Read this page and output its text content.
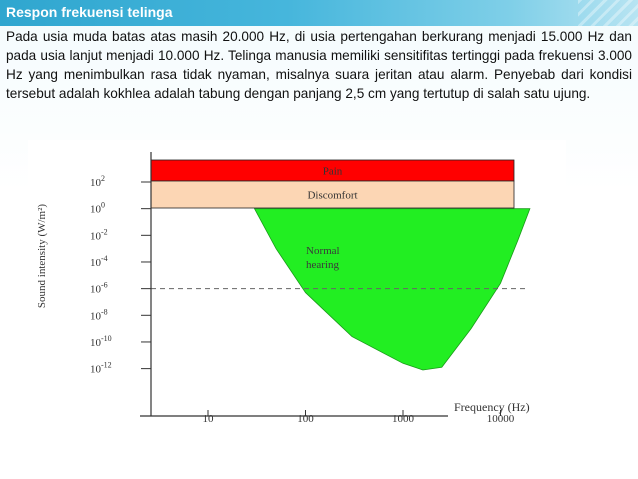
Respon frekuensi telinga
Pada usia muda batas atas masih 20.000 Hz, di usia pertengahan berkurang menjadi 15.000 Hz dan pada usia lanjut menjadi 10.000 Hz. Telinga manusia memiliki sensitifitas tertinggi pada frekuensi 3.000 Hz yang menimbulkan rasa tidak nyaman, misalnya suara jeritan atau alarm. Penyebab dari kondisi tersebut adalah kokhlea adalah tabung dengan panjang 2,5 cm yang tertutup di salah satu ujung.
Normal
hearing
Pain
Discomfort
$10^2$
$10^0$
$10^{-2}$
$10^{-4}$
$10^{-6}$
$10^{-8}$
$10^{-10}$
$10^{-12}$
10	100	1000	10000
Sound intensity (W/m²)
Frequency (Hz)
